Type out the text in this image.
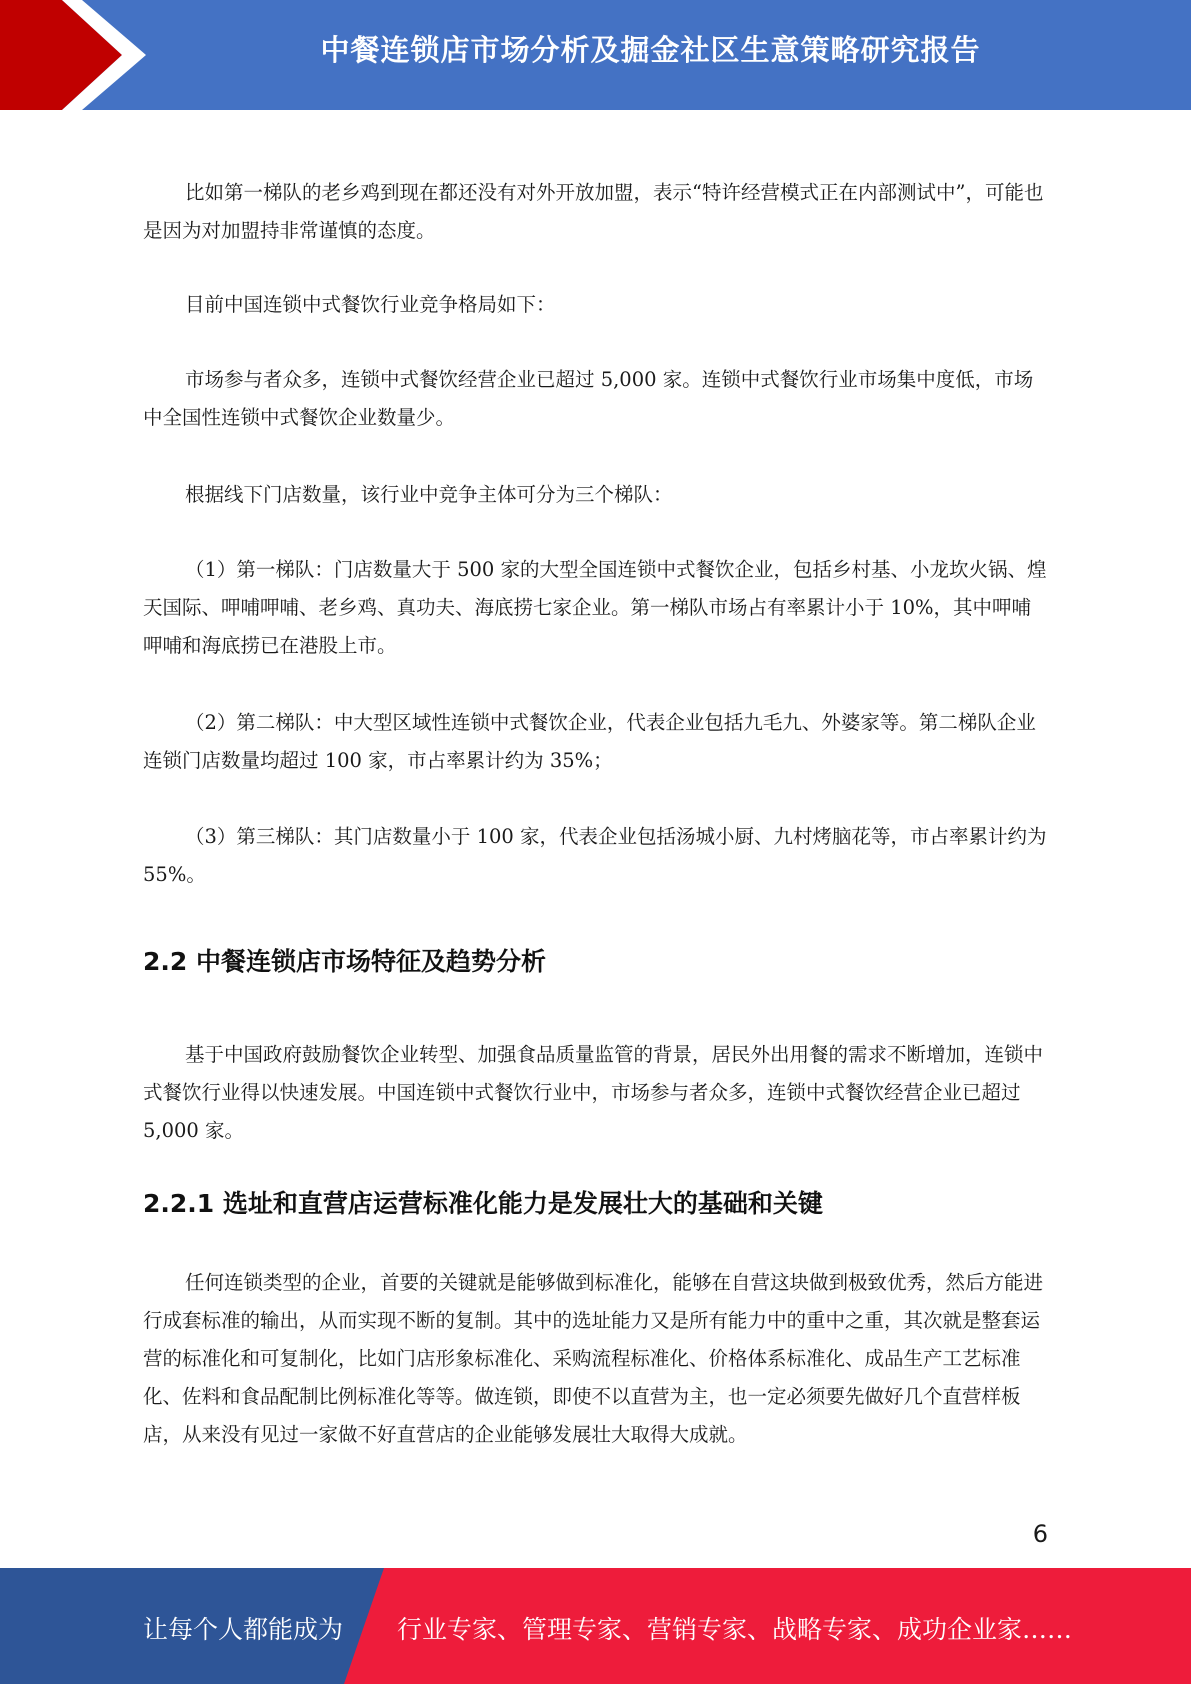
中餐连锁店市场分析及掘金社区生意策略研究报告

比如第一梯队的老乡鸡到现在都还没有对外开放加盟，表示“特许经营模式正在内部测试中”，可能也是因为对加盟持非常谨慎的态度。

目前中国连锁中式餐饮行业竞争格局如下：

市场参与者众多，连锁中式餐饮经营企业已超过 5,000 家。连锁中式餐饮行业市场集中度低，市场中全国性连锁中式餐饮企业数量少。

根据线下门店数量，该行业中竞争主体可分为三个梯队：

（1）第一梯队：门店数量大于 500 家的大型全国连锁中式餐饮企业，包括乡村基、小龙坎火锅、煌天国际、呷哺呷哺、老乡鸡、真功夫、海底捞七家企业。第一梯队市场占有率累计小于 10%，其中呷哺呷哺和海底捞已在港股上市。

（2）第二梯队：中大型区域性连锁中式餐饮企业，代表企业包括九毛九、外婆家等。第二梯队企业连锁门店数量均超过 100 家，市占率累计约为 35%；

（3）第三梯队：其门店数量小于 100 家，代表企业包括汤城小厨、九村烤脑花等，市占率累计约为 55%。

2.2 中餐连锁店市场特征及趋势分析

基于中国政府鼓励餐饮企业转型、加强食品质量监管的背景，居民外出用餐的需求不断增加，连锁中式餐饮行业得以快速发展。中国连锁中式餐饮行业中，市场参与者众多，连锁中式餐饮经营企业已超过 5,000 家。

2.2.1 选址和直营店运营标准化能力是发展壮大的基础和关键

任何连锁类型的企业，首要的关键就是能够做到标准化，能够在自营这块做到极致优秀，然后方能进行成套标准的输出，从而实现不断的复制。其中的选址能力又是所有能力中的重中之重，其次就是整套运营的标准化和可复制化，比如门店形象标准化、采购流程标准化、价格体系标准化、成品生产工艺标准化、佐料和食品配制比例标准化等等。做连锁，即使不以直营为主，也一定必须要先做好几个直营样板店，从来没有见过一家做不好直营店的企业能够发展壮大取得大成就。

6
让每个人都能成为 行业专家、管理专家、营销专家、战略专家、成功企业家……
